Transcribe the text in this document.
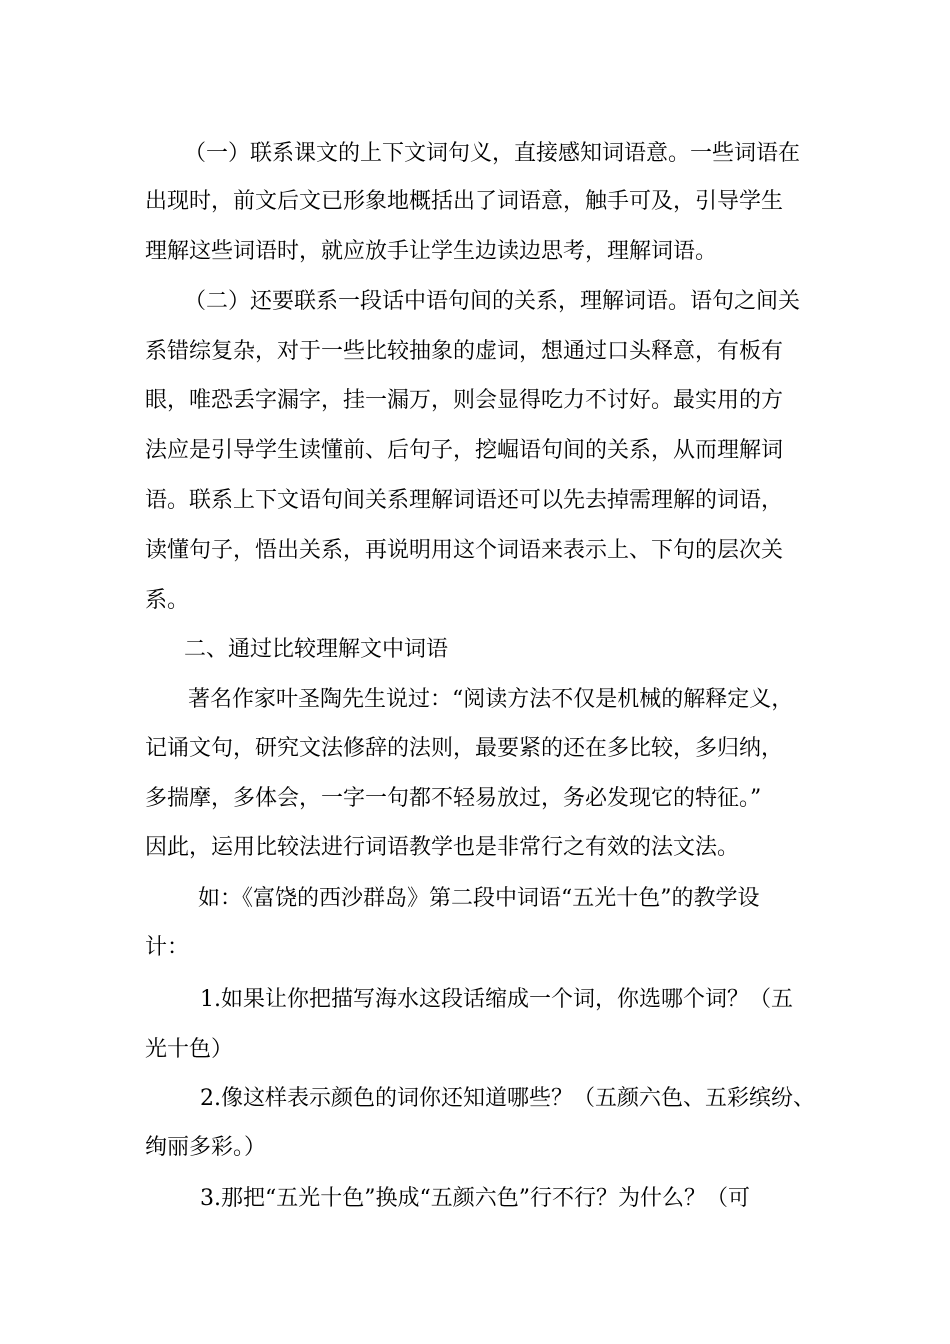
（一）联系课文的上下文词句义，直接感知词语意。一些词语在
出现时，前文后文已形象地概括出了词语意，触手可及，引导学生
理解这些词语时，就应放手让学生边读边思考，理解词语。
（二）还要联系一段话中语句间的关系，理解词语。语句之间关
系错综复杂，对于一些比较抽象的虚词，想通过口头释意，有板有
眼，唯恐丢字漏字，挂一漏万，则会显得吃力不讨好。最实用的方
法应是引导学生读懂前、后句子，挖崛语句间的关系，从而理解词
语。联系上下文语句间关系理解词语还可以先去掉需理解的词语，
读懂句子，悟出关系，再说明用这个词语来表示上、下句的层次关
系。
二、通过比较理解文中词语
著名作家叶圣陶先生说过：“阅读方法不仅是机械的解释定义，
记诵文句，研究文法修辞的法则，最要紧的还在多比较，多归纳，
多揣摩，多体会，一字一句都不轻易放过，务必发现它的特征。”
因此，运用比较法进行词语教学也是非常行之有效的法文法。
如：《富饶的西沙群岛》第二段中词语“五光十色”的教学设
计：
1.如果让你把描写海水这段话缩成一个词，你选哪个词？（五
光十色）
2.像这样表示颜色的词你还知道哪些？（五颜六色、五彩缤纷、
绚丽多彩。）
3.那把“五光十色”换成“五颜六色”行不行？为什么？（可
